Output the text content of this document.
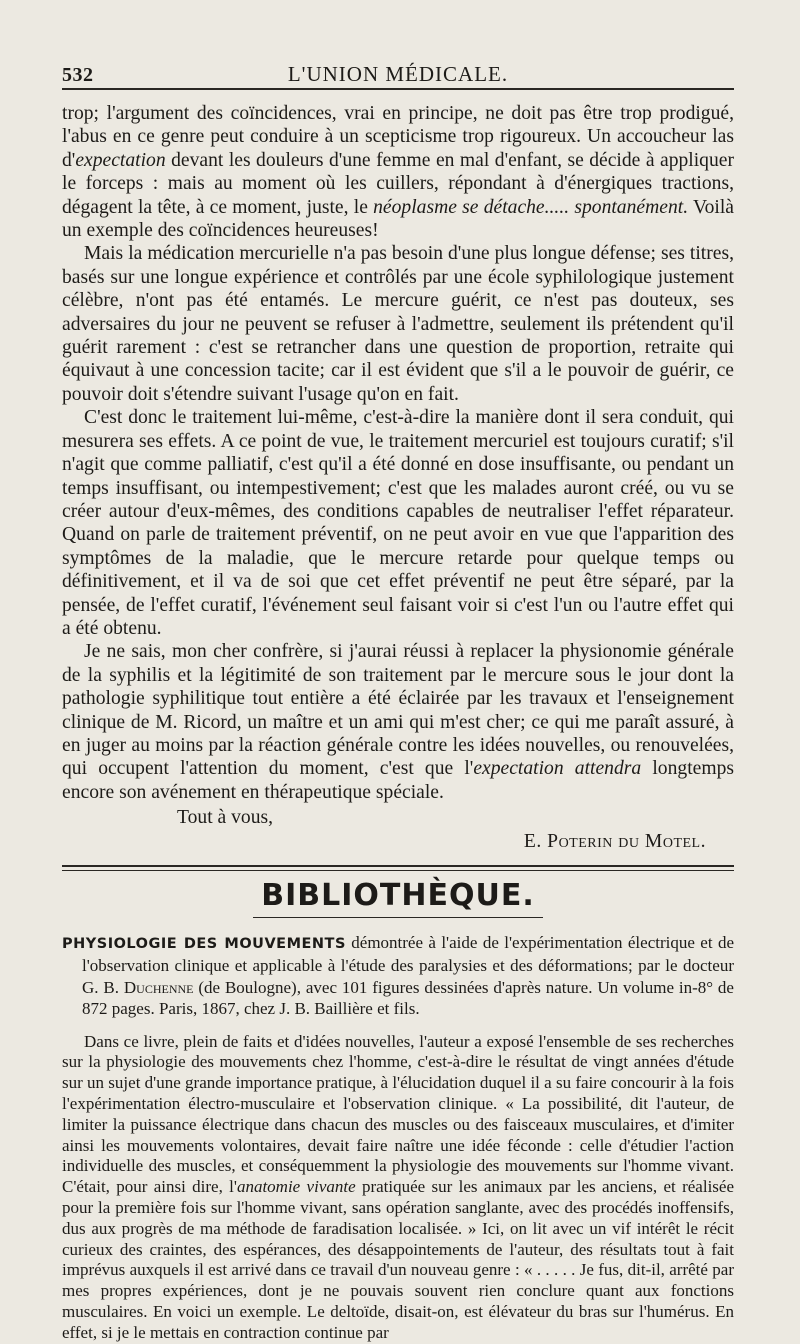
532	L'UNION MÉDICALE.

trop; l'argument des coïncidences, vrai en principe, ne doit pas être trop prodigué, l'abus en ce genre peut conduire à un scepticisme trop rigoureux. Un accoucheur las d'expectation devant les douleurs d'une femme en mal d'enfant, se décide à appliquer le forceps : mais au moment où les cuillers, répondant à d'énergiques tractions, dégagent la tête, à ce moment, juste, le néoplasme se détache..... spontanément. Voilà un exemple des coïncidences heureuses!

Mais la médication mercurielle n'a pas besoin d'une plus longue défense; ses titres, basés sur une longue expérience et contrôlés par une école syphilologique justement célèbre, n'ont pas été entamés. Le mercure guérit, ce n'est pas douteux, ses adversaires du jour ne peuvent se refuser à l'admettre, seulement ils prétendent qu'il guérit rarement : c'est se retrancher dans une question de proportion, retraite qui équivaut à une concession tacite; car il est évident que s'il a le pouvoir de guérir, ce pouvoir doit s'étendre suivant l'usage qu'on en fait.

C'est donc le traitement lui-même, c'est-à-dire la manière dont il sera conduit, qui mesurera ses effets. A ce point de vue, le traitement mercuriel est toujours curatif; s'il n'agit que comme palliatif, c'est qu'il a été donné en dose insuffisante, ou pendant un temps insuffisant, ou intempestivement; c'est que les malades auront créé, ou vu se créer autour d'eux-mêmes, des conditions capables de neutraliser l'effet réparateur. Quand on parle de traitement préventif, on ne peut avoir en vue que l'apparition des symptômes de la maladie, que le mercure retarde pour quelque temps ou définitivement, et il va de soi que cet effet préventif ne peut être séparé, par la pensée, de l'effet curatif, l'événement seul faisant voir si c'est l'un ou l'autre effet qui a été obtenu.

Je ne sais, mon cher confrère, si j'aurai réussi à replacer la physionomie générale de la syphilis et la légitimité de son traitement par le mercure sous le jour dont la pathologie syphilitique tout entière a été éclairée par les travaux et l'enseignement clinique de M. Ricord, un maître et un ami qui m'est cher; ce qui me paraît assuré, à en juger au moins par la réaction générale contre les idées nouvelles, ou renouvelées, qui occupent l'attention du moment, c'est que l'expectation attendra longtemps encore son avénement en thérapeutique spéciale.

Tout à vous,
E. Poterin du Motel.
BIBLIOTHÈQUE.

PHYSIOLOGIE DES MOUVEMENTS démontrée à l'aide de l'expérimentation électrique et de l'observation clinique et applicable à l'étude des paralysies et des déformations; par le docteur G. B. Duchenne (de Boulogne), avec 101 figures dessinées d'après nature. Un volume in-8° de 872 pages. Paris, 1867, chez J. B. Baillière et fils.

Dans ce livre, plein de faits et d'idées nouvelles, l'auteur a exposé l'ensemble de ses recherches sur la physiologie des mouvements chez l'homme, c'est-à-dire le résultat de vingt années d'étude sur un sujet d'une grande importance pratique, à l'élucidation duquel il a su faire concourir à la fois l'expérimentation électro-musculaire et l'observation clinique. « La possibilité, dit l'auteur, de limiter la puissance électrique dans chacun des muscles ou des faisceaux musculaires, et d'imiter ainsi les mouvements volontaires, devait faire naître une idée féconde : celle d'étudier l'action individuelle des muscles, et conséquemment la physiologie des mouvements sur l'homme vivant. C'était, pour ainsi dire, l'anatomie vivante pratiquée sur les animaux par les anciens, et réalisée pour la première fois sur l'homme vivant, sans opération sanglante, avec des procédés inoffensifs, dus aux progrès de ma méthode de faradisation localisée. » Ici, on lit avec un vif intérêt le récit curieux des craintes, des espérances, des désappointements de l'auteur, des résultats tout à fait imprévus auxquels il est arrivé dans ce travail d'un nouveau genre : « . . . . . Je fus, dit-il, arrêté par mes propres expériences, dont je ne pouvais souvent rien conclure quant aux fonctions musculaires. En voici un exemple. Le deltoïde, disait-on, est élévateur du bras sur l'humérus. En effet, si je le mettais en contraction continue par
